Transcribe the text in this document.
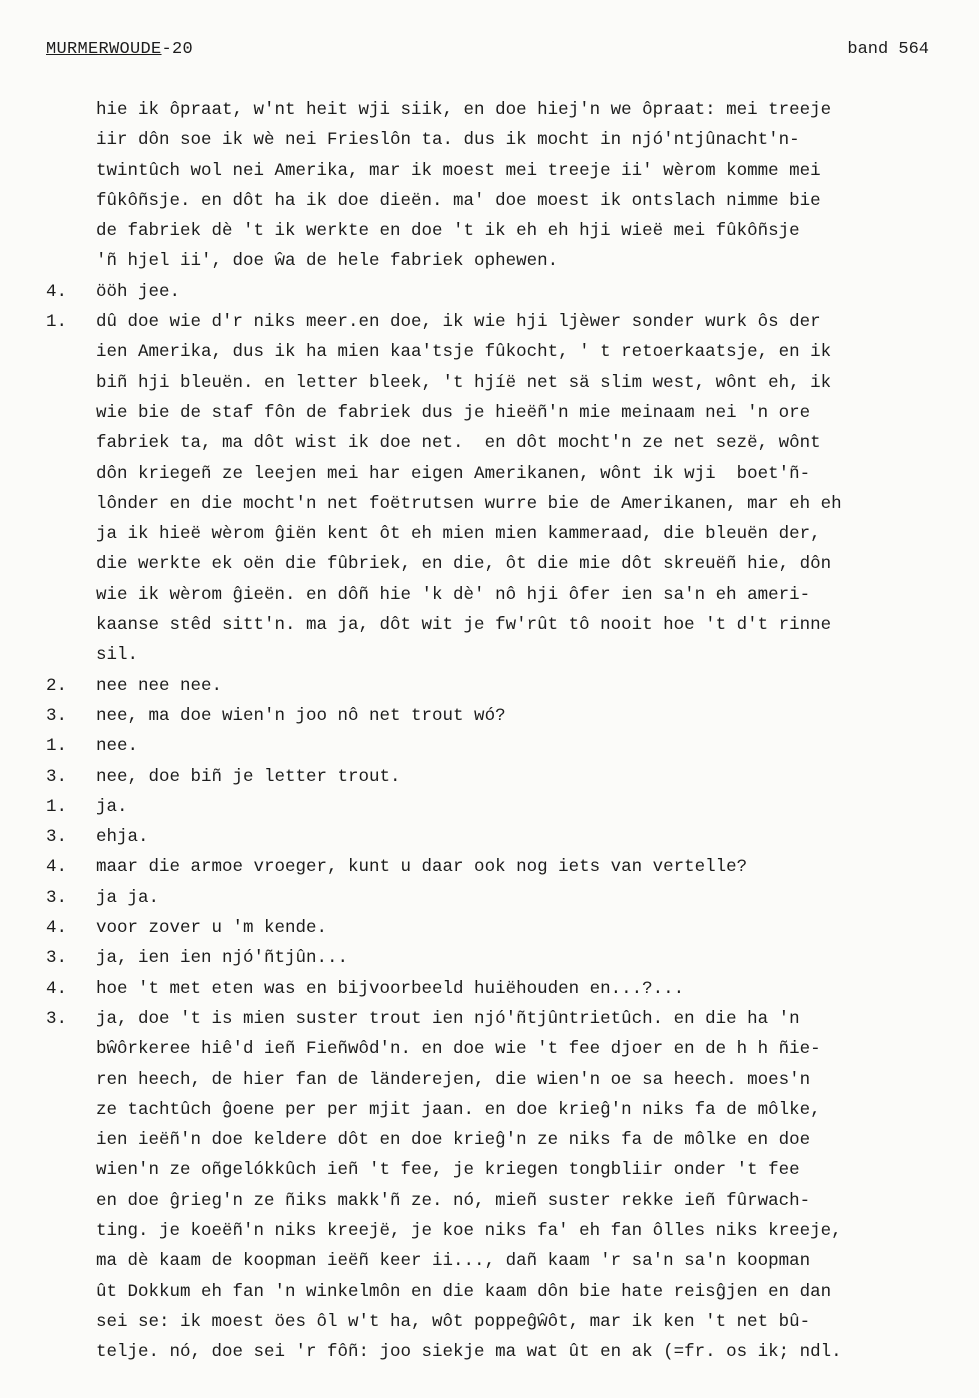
MURMERWOUDE-20	band 564
hie ik ôpraat, w'nt heit wji siik, en doe hiej'n we ôpraat: mei treeje
iir dôn soe ik wè nei Frieslôn ta. dus ik mocht in njó'ntjûnacht'n-
twintûch wol nei Amerika, mar ik moest mei treeje ii' wèrom komme mei
fûkôñsje. en dôt ha ik doe dieën. ma' doe moest ik ontslach nimme bie
de fabriek dè 't ik werkte en doe 't ik eh eh hji wieë mei fûkôñsje
'ñ hjel ii', doe ŵa de hele fabriek ophewen.
4.	ööh jee.
1.	dû doe wie d'r niks meer.en doe, ik wie hji ljèwer sonder wurk ôs der
ien Amerika, dus ik ha mien kaa'tsje fûkocht, ' t retoerkaatsje, en ik
biñ hji bleuën. en letter bleek, 't hjíë net sä slim west, wônt eh, ik
wie bie de staf fôn de fabriek dus je hieëñ'n mie meinaam nei 'n ore
fabriek ta, ma dôt wist ik doe net.  en dôt mocht'n ze net sezë, wônt
dôn kriegeñ ze leejen mei har eigen Amerikanen, wônt ik wji  boet'ñ-
lônder en die mocht'n net foëtrutsen wurre bie de Amerikanen, mar eh eh
ja ik hieë wèrom ĝiën kent ôt eh mien mien kammeraad, die bleuën der,
die werkte ek oën die fûbriek, en die, ôt die mie dôt skreuëñ hie, dôn
wie ik wèrom ĝieën. en dôñ hie 'k dè' nô hji ôfer ien sa'n eh ameri-
kaanse stêd sitt'n. ma ja, dôt wit je fw'rût tô nooit hoe 't d't rinne
sil.
2.	nee nee nee.
3.	nee, ma doe wien'n joo nô net trout wó?
1.	nee.
3.	nee, doe biñ je letter trout.
1.	ja.
3.	ehja.
4.	maar die armoe vroeger, kunt u daar ook nog iets van vertelle?
3.	ja ja.
4.	voor zover u 'm kende.
3.	ja, ien ien njó'ñtjûn...
4.	hoe 't met eten was en bijvoorbeeld huiëhouden en...?...
3.	ja, doe 't is mien suster trout ien njó'ñtjûntrietûch. en die ha 'n
bŵôrkeree hiê'd ieñ Fieñwôd'n. en doe wie 't fee djoer en de h h ñie-
ren heech, de hier fan de länderejen, die wien'n oe sa heech. moes'n
ze tachtûch ĝoene per per mjit jaan. en doe krieĝ'n niks fa de môlke,
ien ieëñ'n doe keldere dôt en doe krieĝ'n ze niks fa de môlke en doe
wien'n ze oñgelókkûch ieñ 't fee, je kriegen tongbliir onder 't fee
en doe ĝrieg'n ze ñiks makk'ñ ze. nó, mieñ suster rekke ieñ fûrwach-
ting. je koeëñ'n niks kreejë, je koe niks fa' eh fan ôlles niks kreeje,
ma dè kaam de koopman ieëñ keer ii..., dañ kaam 'r sa'n sa'n koopman
ût Dokkum eh fan 'n winkelmôn en die kaam dôn bie hate reisĝjen en dan
sei se: ik moest öes ôl w't ha, wôt poppeĝŵôt, mar ik ken 't net bû-
telje. nó, doe sei 'r fôñ: joo siekje ma wat ût en ak (=fr. os ik; ndl.
